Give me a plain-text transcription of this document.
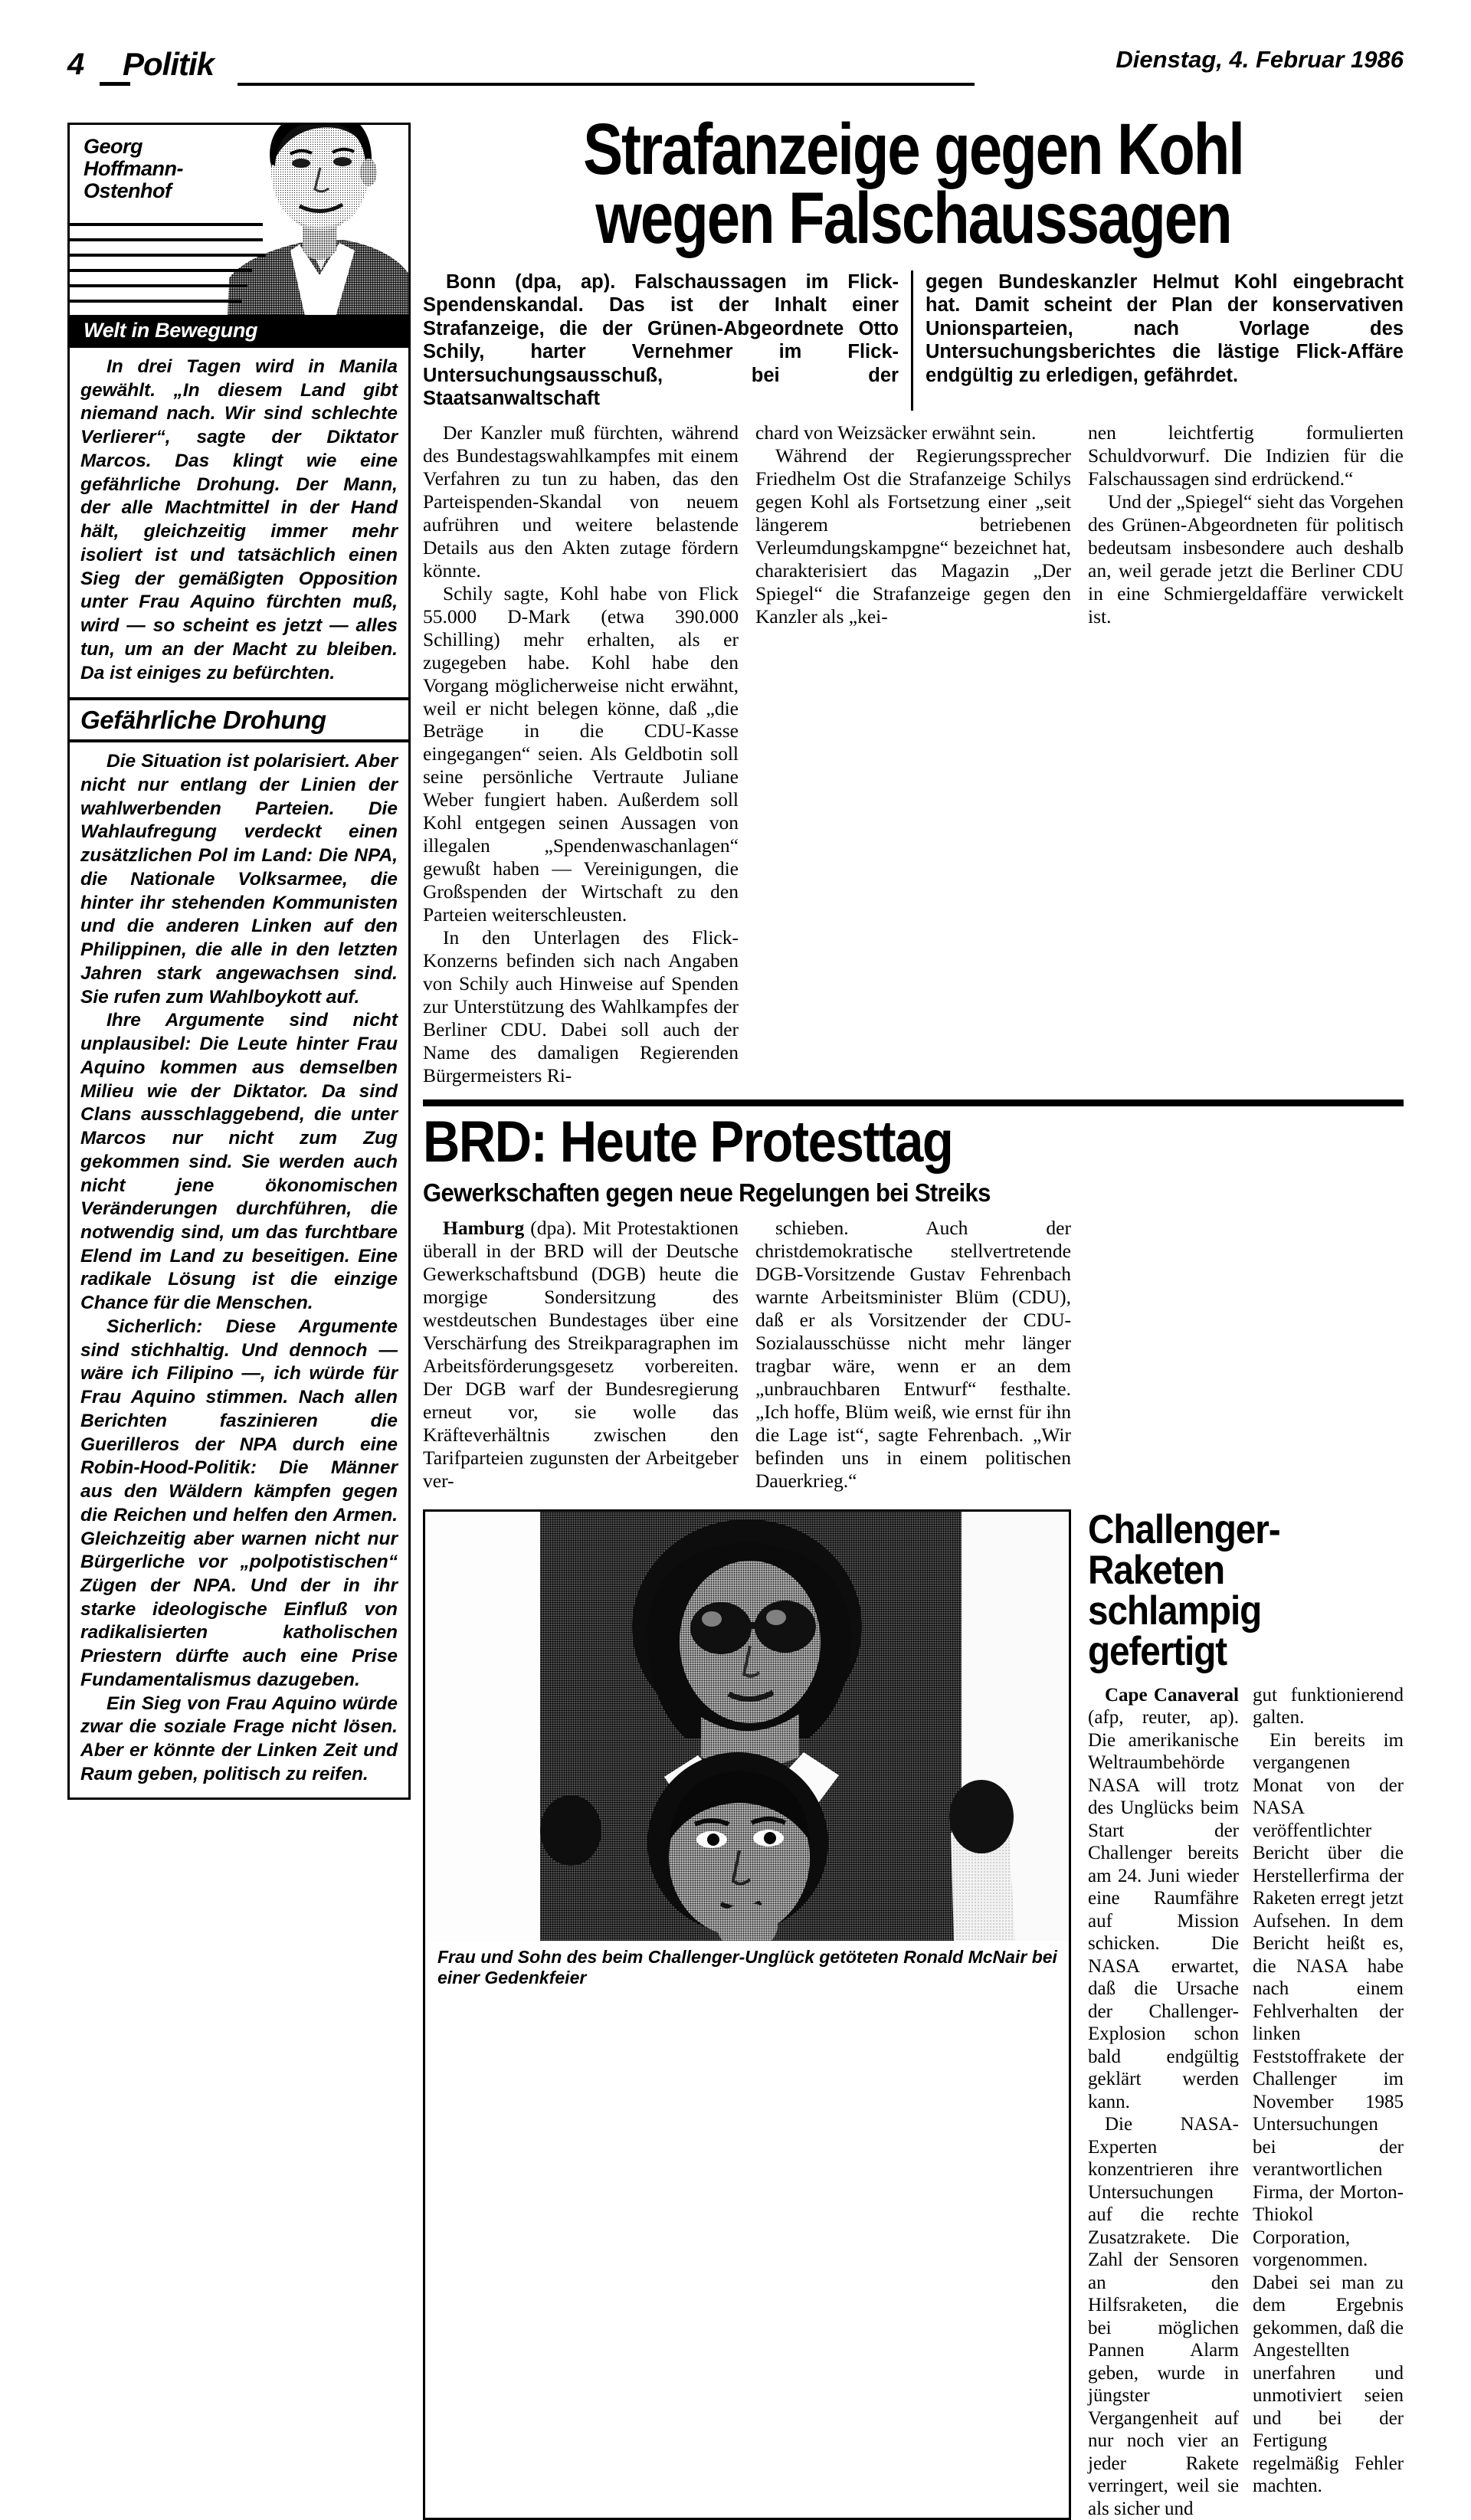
4 Politik	Dienstag, 4. Februar 1986
Georg
Hoffmann-
Ostenhof
Welt in Bewegung

In drei Tagen wird in Manila gewählt. „In diesem Land gibt niemand nach. Wir sind schlechte Verlierer“, sagte der Diktator Marcos. Das klingt wie eine gefährliche Drohung. Der Mann, der alle Machtmittel in der Hand hält, gleichzeitig immer mehr isoliert ist und tatsächlich einen Sieg der gemäßigten Opposition unter Frau Aquino fürchten muß, wird — so scheint es jetzt — alles tun, um an der Macht zu bleiben. Da ist einiges zu befürchten.

Gefährliche Drohung

Die Situation ist polarisiert. Aber nicht nur entlang der Linien der wahlwerbenden Parteien. Die Wahlaufregung verdeckt einen zusätzlichen Pol im Land: Die NPA, die Nationale Volksarmee, die hinter ihr stehenden Kommunisten und die anderen Linken auf den Philippinen, die alle in den letzten Jahren stark angewachsen sind. Sie rufen zum Wahlboykott auf.

Ihre Argumente sind nicht unplausibel: Die Leute hinter Frau Aquino kommen aus demselben Milieu wie der Diktator. Da sind Clans ausschlaggebend, die unter Marcos nur nicht zum Zug gekommen sind. Sie werden auch nicht jene ökonomischen Veränderungen durchführen, die notwendig sind, um das furchtbare Elend im Land zu beseitigen. Eine radikale Lösung ist die einzige Chance für die Menschen.

Sicherlich: Diese Argumente sind stichhaltig. Und dennoch — wäre ich Filipino —, ich würde für Frau Aquino stimmen. Nach allen Berichten faszinieren die Guerilleros der NPA durch eine Robin-Hood-Politik: Die Männer aus den Wäldern kämpfen gegen die Reichen und helfen den Armen. Gleichzeitig aber warnen nicht nur Bürgerliche vor „polpotistischen“ Zügen der NPA. Und der in ihr starke ideologische Einfluß von radikalisierten katholischen Priestern dürfte auch eine Prise Fundamentalismus dazugeben.

Ein Sieg von Frau Aquino würde zwar die soziale Frage nicht lösen. Aber er könnte der Linken Zeit und Raum geben, politisch zu reifen.

Strafanzeige gegen Kohl
wegen Falschaussagen

Bonn (dpa, ap). Falschaussagen im Flick-Spendenskandal. Das ist der Inhalt einer Strafanzeige, die der Grünen-Abgeordnete Otto Schily, harter Vernehmer im Flick-Untersuchungsausschuß, bei der Staatsanwaltschaft

gegen Bundeskanzler Helmut Kohl eingebracht hat. Damit scheint der Plan der konservativen Unionsparteien, nach Vorlage des Untersuchungsberichtes die lästige Flick-Affäre endgültig zu erledigen, gefährdet.

Der Kanzler muß fürchten, während des Bundestagswahlkampfes mit einem Verfahren zu tun zu haben, das den Parteispenden-Skandal von neuem aufrühren und weitere belastende Details aus den Akten zutage fördern könnte.

Schily sagte, Kohl habe von Flick 55.000 D-Mark (etwa 390.000 Schilling) mehr erhalten, als er zugegeben habe. Kohl habe den Vorgang möglicherweise nicht erwähnt, weil er nicht belegen könne, daß „die Beträge in die CDU-Kasse eingegangen“ seien. Als Geldbotin soll seine persönliche Vertraute Juliane Weber fungiert haben. Außerdem soll Kohl entgegen seinen Aussagen von illegalen „Spendenwaschanlagen“ gewußt haben — Vereinigungen, die Großspenden der Wirtschaft zu den Parteien weiterschleusten.

In den Unterlagen des Flick-Konzerns befinden sich nach Angaben von Schily auch Hinweise auf Spenden zur Unterstützung des Wahlkampfes der Berliner CDU. Dabei soll auch der Name des damaligen Regierenden Bürgermeisters Ri-

chard von Weizsäcker erwähnt sein.

Während der Regierungssprecher Friedhelm Ost die Strafanzeige Schilys gegen Kohl als Fortsetzung einer „seit längerem betriebenen Verleumdungskampgne“ bezeichnet hat, charakterisiert das Magazin „Der Spiegel“ die Strafanzeige gegen den Kanzler als „kei-

nen leichtfertig formulierten Schuldvorwurf. Die Indizien für die Falschaussagen sind erdrückend.“

Und der „Spiegel“ sieht das Vorgehen des Grünen-Abgeordneten für politisch bedeutsam insbesondere auch deshalb an, weil gerade jetzt die Berliner CDU in eine Schmiergeldaffäre verwickelt ist.

BRD: Heute Protesttag
Gewerkschaften gegen neue Regelungen bei Streiks

Hamburg (dpa). Mit Protestaktionen überall in der BRD will der Deutsche Gewerkschaftsbund (DGB) heute die morgige Sondersitzung des westdeutschen Bundestages über eine Verschärfung des Streikparagraphen im Arbeitsförderungsgesetz vorbereiten. Der DGB warf der Bundesregierung erneut vor, sie wolle das Kräfteverhältnis zwischen den Tarifparteien zugunsten der Arbeitgeber ver-

schieben. Auch der christdemokratische stellvertretende DGB-Vorsitzende Gustav Fehrenbach warnte Arbeitsminister Blüm (CDU), daß er als Vorsitzender der CDU-Sozialausschüsse nicht mehr länger tragbar wäre, wenn er an dem „unbrauchbaren Entwurf“ festhalte. „Ich hoffe, Blüm weiß, wie ernst für ihn die Lage ist“, sagte Fehrenbach. „Wir befinden uns in einem politischen Dauerkrieg.“

Frau und Sohn des beim Challenger-Unglück getöteten Ronald McNair bei einer Gedenkfeier
Challenger-Raketen
schlampig gefertigt

Cape Canaveral (afp, reuter, ap). Die amerikanische Weltraumbehörde NASA will trotz des Unglücks beim Start der Challenger bereits am 24. Juni wieder eine Raumfähre auf Mission schicken. Die NASA erwartet, daß die Ursache der Challenger-Explosion schon bald endgültig geklärt werden kann.

Die NASA-Experten konzentrieren ihre Untersuchungen auf die rechte Zusatzrakete. Die Zahl der Sensoren an den Hilfsraketen, die bei möglichen Pannen Alarm geben, wurde in jüngster Vergangenheit auf nur noch vier an jeder Rakete verringert, weil sie als sicher und

gut funktionierend galten.

Ein bereits im vergangenen Monat von der NASA veröffentlichter Bericht über die Herstellerfirma der Raketen erregt jetzt Aufsehen. In dem Bericht heißt es, die NASA habe nach einem Fehlverhalten der linken Feststoffrakete der Challenger im November 1985 Untersuchungen bei der verantwortlichen Firma, der Morton-Thiokol Corporation, vorgenommen. Dabei sei man zu dem Ergebnis gekommen, daß die Angestellten unerfahren und unmotiviert seien und bei der Fertigung regelmäßig Fehler machten.
